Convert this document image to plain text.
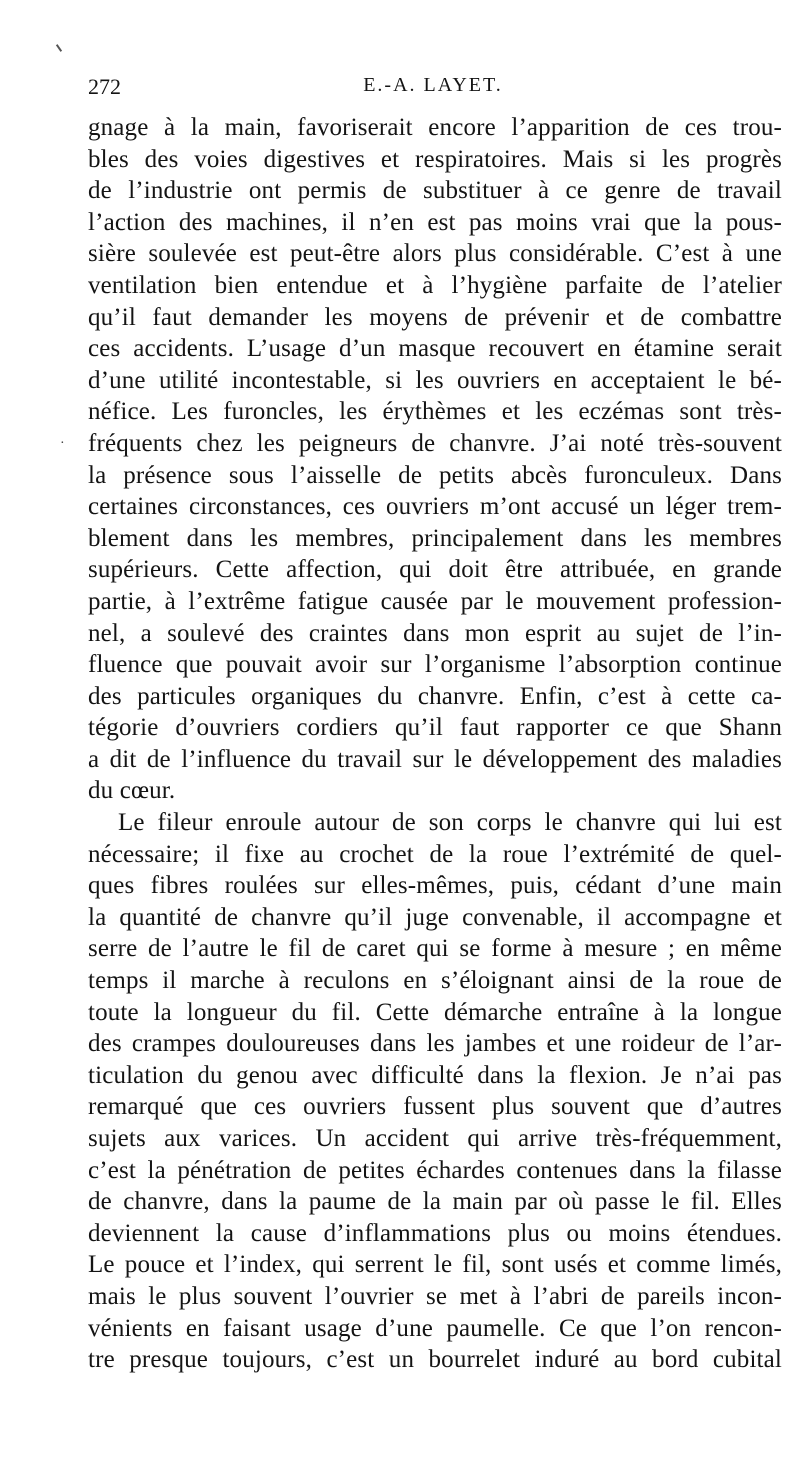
272	E.-A. LAYET.
·
gnage à la main, favoriserait encore l’apparition de ces trou-
bles des voies digestives et respiratoires. Mais si les progrès
de l’industrie ont permis de substituer à ce genre de travail
l’action des machines, il n’en est pas moins vrai que la pous-
sière soulevée est peut-être alors plus considérable. C’est à une
ventilation bien entendue et à l’hygiène parfaite de l’atelier
qu’il faut demander les moyens de prévenir et de combattre
ces accidents. L’usage d’un masque recouvert en étamine serait
d’une utilité incontestable, si les ouvriers en acceptaient le bé-
néfice. Les furoncles, les érythèmes et les eczémas sont très-
fréquents chez les peigneurs de chanvre. J’ai noté très-souvent
la présence sous l’aisselle de petits abcès furonculeux. Dans
certaines circonstances, ces ouvriers m’ont accusé un léger trem-
blement dans les membres, principalement dans les membres
supérieurs. Cette affection, qui doit être attribuée, en grande
partie, à l’extrême fatigue causée par le mouvement profession-
nel, a soulevé des craintes dans mon esprit au sujet de l’in-
fluence que pouvait avoir sur l’organisme l’absorption continue
des particules organiques du chanvre. Enfin, c’est à cette ca-
tégorie d’ouvriers cordiers qu’il faut rapporter ce que Shann
a dit de l’influence du travail sur le développement des maladies
du cœur.
Le fileur enroule autour de son corps le chanvre qui lui est
nécessaire; il fixe au crochet de la roue l’extrémité de quel-
ques fibres roulées sur elles-mêmes, puis, cédant d’une main
la quantité de chanvre qu’il juge convenable, il accompagne et
serre de l’autre le fil de caret qui se forme à mesure ; en même
temps il marche à reculons en s’éloignant ainsi de la roue de
toute la longueur du fil. Cette démarche entraîne à la longue
des crampes douloureuses dans les jambes et une roideur de l’ar-
ticulation du genou avec difficulté dans la flexion. Je n’ai pas
remarqué que ces ouvriers fussent plus souvent que d’autres
sujets aux varices. Un accident qui arrive très-fréquemment,
c’est la pénétration de petites échardes contenues dans la filasse
de chanvre, dans la paume de la main par où passe le fil. Elles
deviennent la cause d’inflammations plus ou moins étendues.
Le pouce et l’index, qui serrent le fil, sont usés et comme limés,
mais le plus souvent l’ouvrier se met à l’abri de pareils incon-
vénients en faisant usage d’une paumelle. Ce que l’on rencon-
tre presque toujours, c’est un bourrelet induré au bord cubital
